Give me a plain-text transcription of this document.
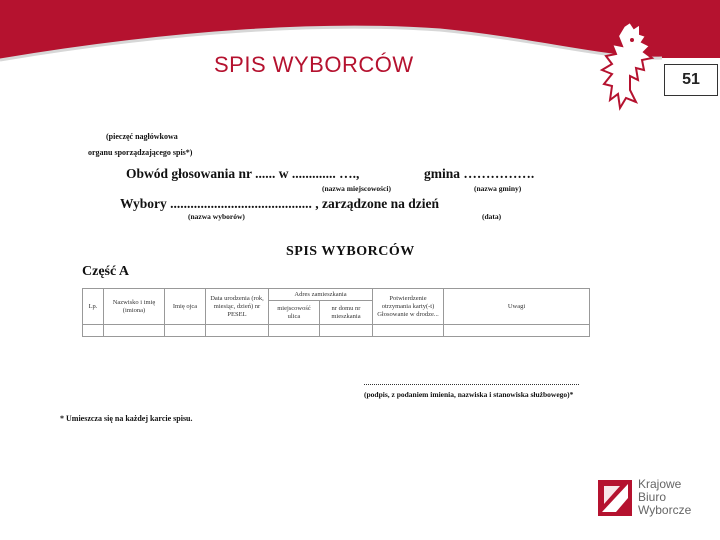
SPIS WYBORCÓW
51
(pieczęć nagłówkowa
organu sporządzającego spis*)
Obwód głosowania nr ...... w ............. ….,	gmina …………….
(nazwa miejscowości)	(nazwa gminy)
Wybory .......................................... , zarządzone na dzień
(nazwa wyborów)	(data)
SPIS WYBORCÓW
Część A
Lp.	Nazwisko i imię (imiona)	Imię ojca	Data urodzenia (rok, miesiąc, dzień) nr PESEL	Adres zamieszkania		Potwierdzenie otrzymania karty(-t) Głosowanie w drodze...	Uwagi
				miejscowość ulica	nr domu nr mieszkania		

(podpis, z podaniem imienia, nazwiska i stanowiska służbowego)*
* Umieszcza się na każdej karcie spisu.
Krajowe
Biuro
Wyborcze
